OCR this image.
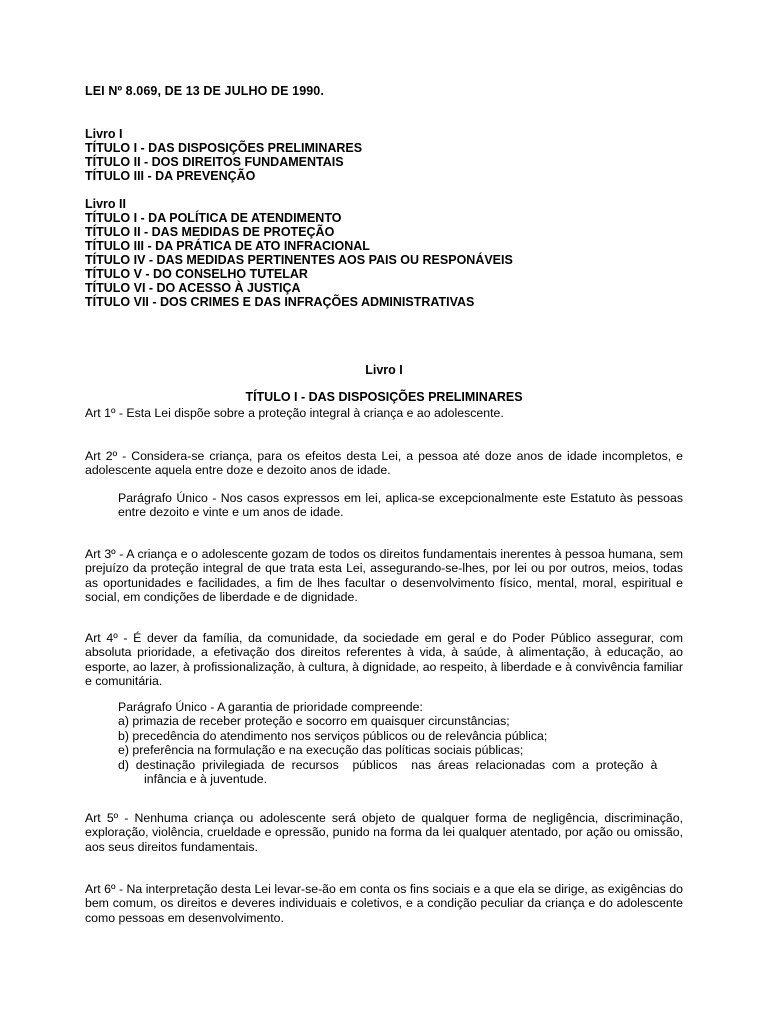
LEI Nº 8.069, DE 13 DE JULHO DE 1990.
Livro I
TÍTULO I - DAS DISPOSIÇÕES PRELIMINARES
TÍTULO II - DOS DIREITOS FUNDAMENTAIS
TÍTULO III - DA PREVENÇÃO
Livro II
TÍTULO I - DA POLÍTICA DE ATENDIMENTO
TÍTULO II - DAS MEDIDAS DE PROTEÇÃO
TÍTULO III - DA PRÁTICA DE ATO INFRACIONAL
TÍTULO IV - DAS MEDIDAS PERTINENTES AOS PAIS OU RESPONÁVEIS
TÍTULO V - DO CONSELHO TUTELAR
TÍTULO VI - DO ACESSO À JUSTIÇA
TÍTULO VII - DOS CRIMES E DAS INFRAÇÕES ADMINISTRATIVAS
Livro I
TÍTULO I - DAS DISPOSIÇÕES PRELIMINARES
Art 1º - Esta Lei dispõe sobre a proteção integral à criança e ao adolescente.
Art 2º - Considera-se criança, para os efeitos desta Lei, a pessoa até doze anos de idade incompletos, e adolescente aquela entre doze e dezoito anos de idade.
Parágrafo Único - Nos casos expressos em lei, aplica-se excepcionalmente este Estatuto às pessoas entre dezoito e vinte e um anos de idade.
Art 3º - A criança e o adolescente gozam de todos os direitos fundamentais inerentes à pessoa humana, sem prejuízo da proteção integral de que trata esta Lei, assegurando-se-lhes, por lei ou por outros, meios, todas as oportunidades e facilidades, a fim de lhes facultar o desenvolvimento físico, mental, moral, espiritual e social, em condições de liberdade e de dignidade.
Art 4º - É dever da família, da comunidade, da sociedade em geral e do Poder Público assegurar, com absoluta prioridade, a efetivação dos direitos referentes à vida, à saúde, à alimentação, à educação, ao esporte, ao lazer, à profissionalização, à cultura, à dignidade, ao respeito, à liberdade e à convivência familiar e comunitária.
Parágrafo Único - A garantia de prioridade compreende:
a) primazia de receber proteção e socorro em quaisquer circunstâncias;
b) precedência do atendimento nos serviços públicos ou de relevância pública;
e) preferência na formulação e na execução das políticas sociais públicas;
d)  destinação  privilegiada  de  recursos    públicos    nas  áreas  relacionadas  com  a  proteção  à
infância e à juventude.
Art 5º - Nenhuma criança ou adolescente será objeto de qualquer forma de negligência, discriminação, exploração, violência, crueldade e opressão, punido na forma da lei qualquer atentado, por ação ou omissão, aos seus direitos fundamentais.
Art 6º - Na interpretação desta Lei levar-se-ão em conta os fins sociais e a que ela se dirige, as exigências do bem comum, os direitos e deveres individuais e coletivos, e a condição peculiar da criança e do adolescente como pessoas em desenvolvimento.
